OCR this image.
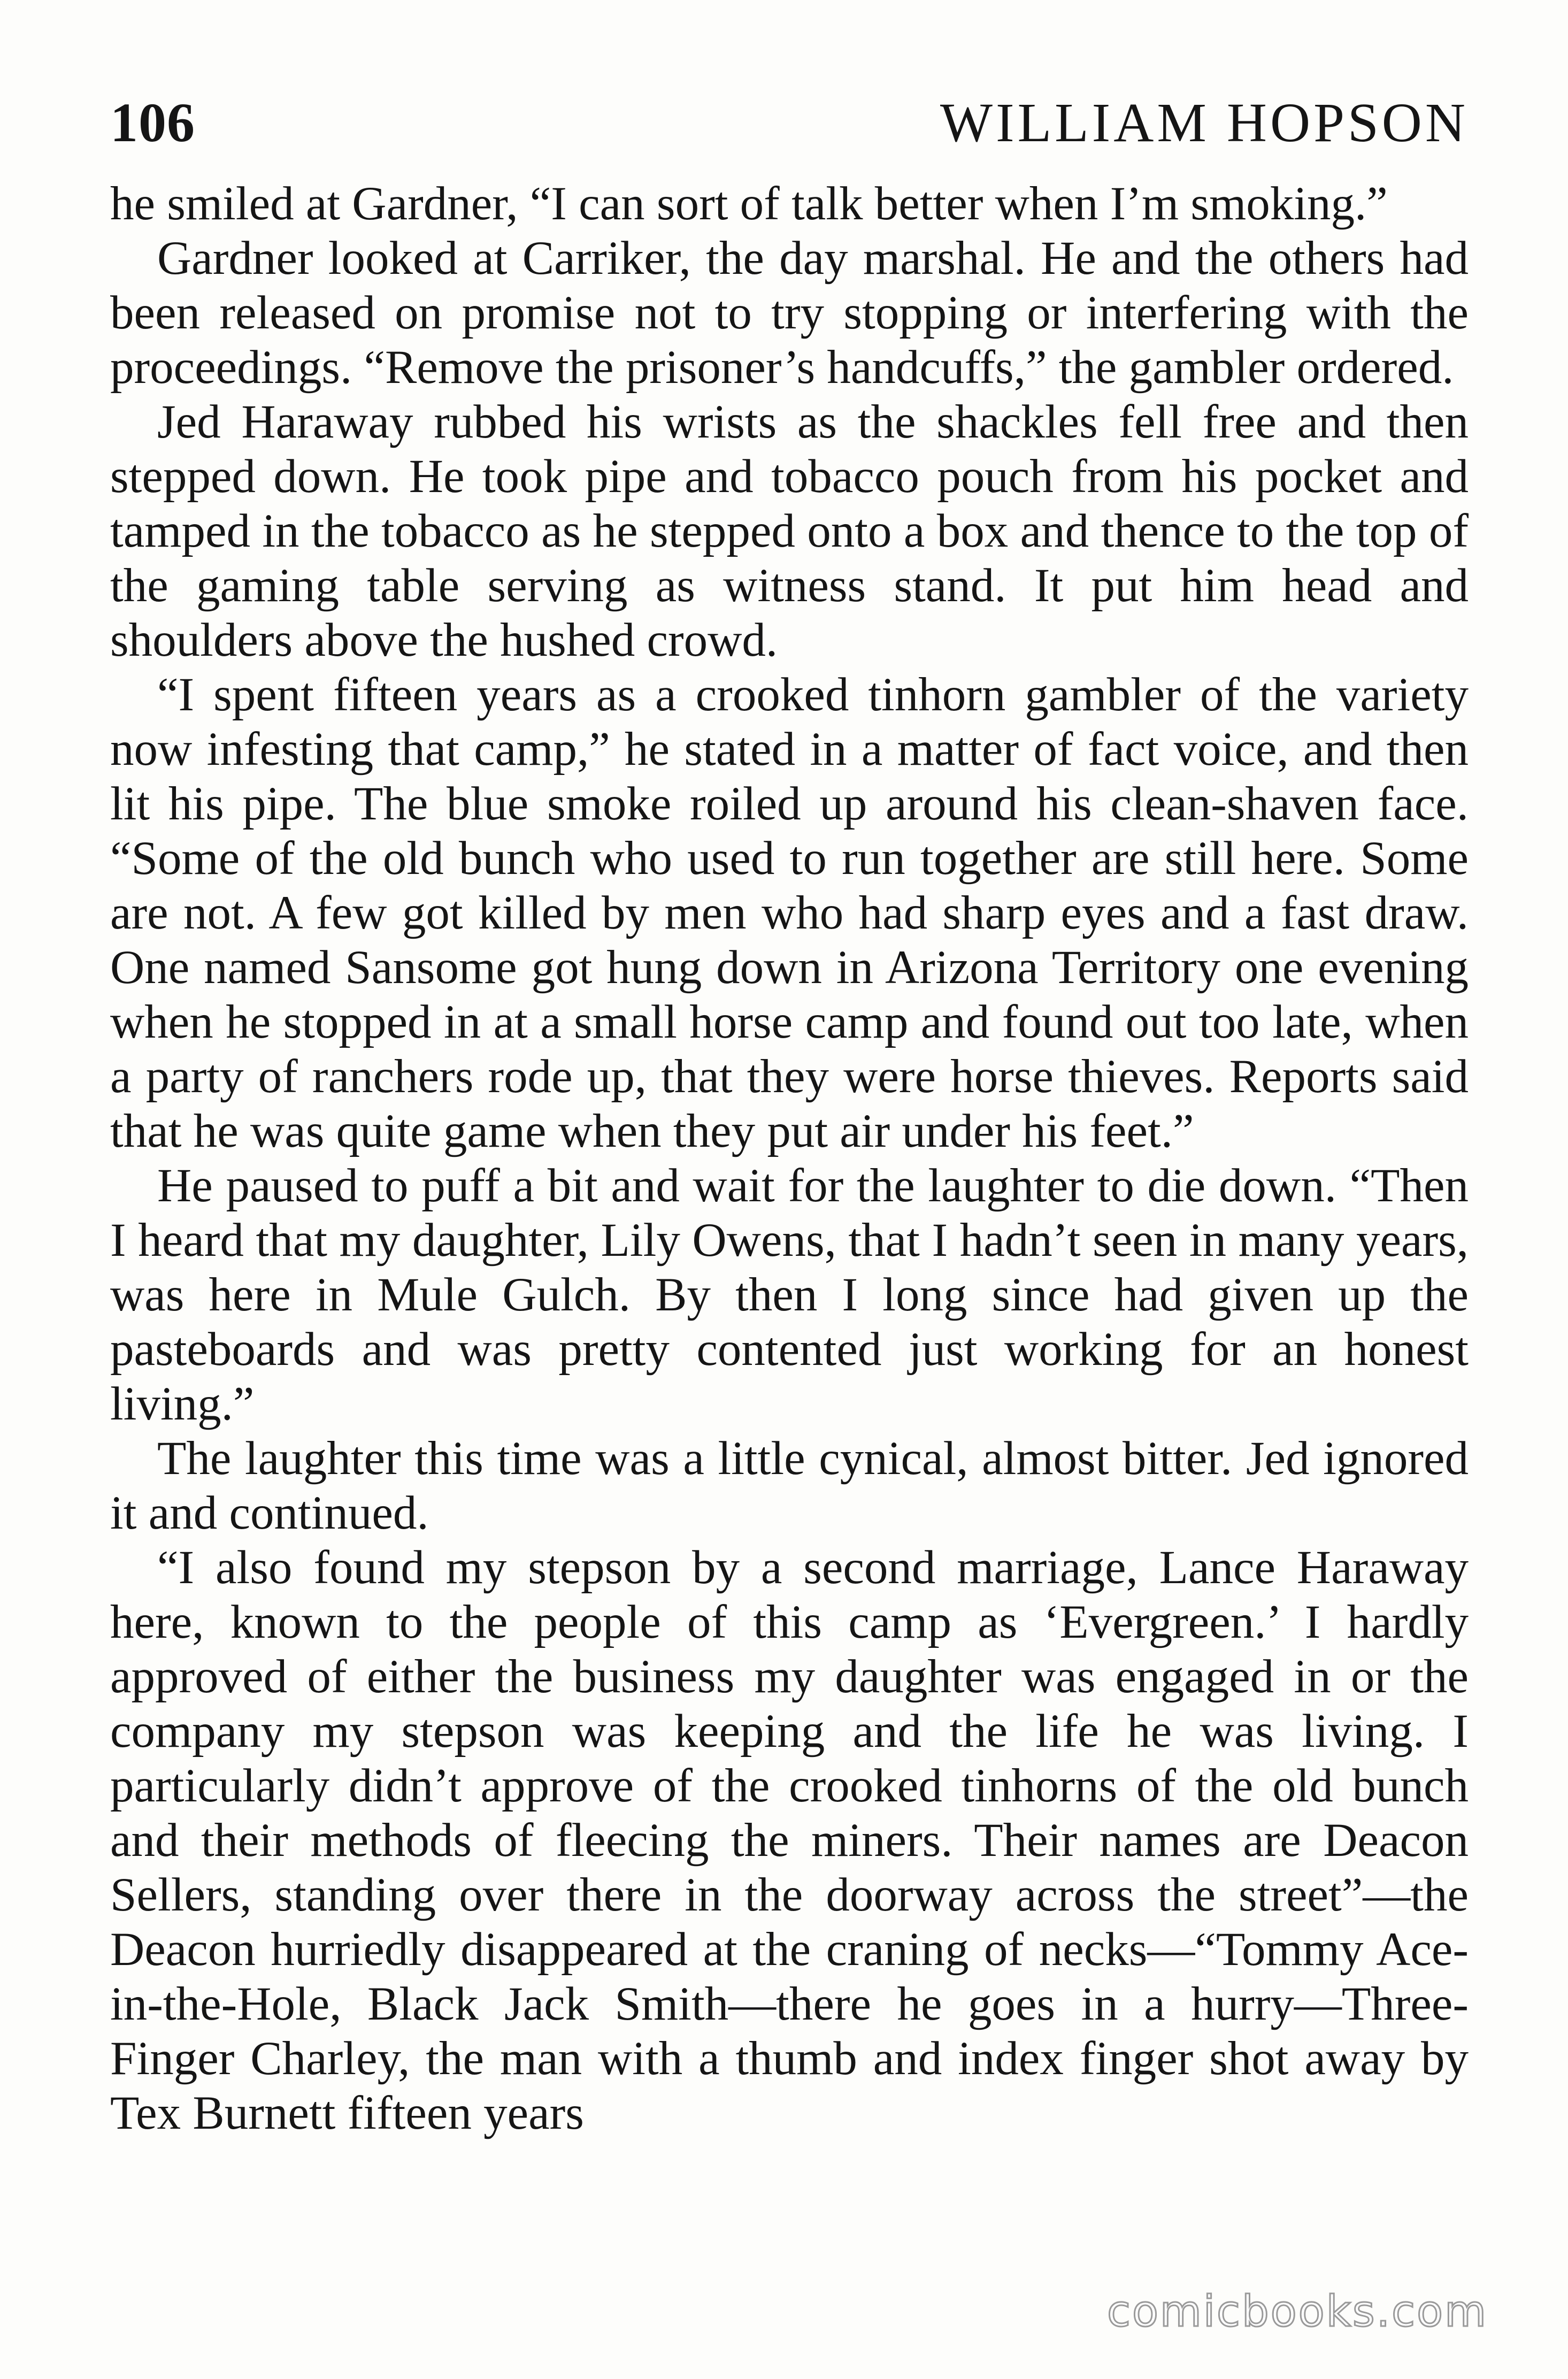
106	WILLIAM HOPSON

he smiled at Gardner, “I can sort of talk better when I’m smoking.”

Gardner looked at Carriker, the day marshal. He and the others had been released on promise not to try stopping or interfering with the proceedings. “Remove the prisoner’s handcuffs,” the gambler ordered.

Jed Haraway rubbed his wrists as the shackles fell free and then stepped down. He took pipe and tobacco pouch from his pocket and tamped in the tobacco as he stepped onto a box and thence to the top of the gaming table serving as witness stand. It put him head and shoulders above the hushed crowd.

“I spent fifteen years as a crooked tinhorn gambler of the variety now infesting that camp,” he stated in a matter of fact voice, and then lit his pipe. The blue smoke roiled up around his clean-shaven face. “Some of the old bunch who used to run together are still here. Some are not. A few got killed by men who had sharp eyes and a fast draw. One named Sansome got hung down in Arizona Territory one evening when he stopped in at a small horse camp and found out too late, when a party of ranchers rode up, that they were horse thieves. Reports said that he was quite game when they put air under his feet.”

He paused to puff a bit and wait for the laughter to die down. “Then I heard that my daughter, Lily Owens, that I hadn’t seen in many years, was here in Mule Gulch. By then I long since had given up the pasteboards and was pretty contented just working for an honest living.”

The laughter this time was a little cynical, almost bitter. Jed ignored it and continued.

“I also found my stepson by a second marriage, Lance Haraway here, known to the people of this camp as ‘Evergreen.’ I hardly approved of either the business my daughter was engaged in or the company my stepson was keeping and the life he was living. I particularly didn’t approve of the crooked tinhorns of the old bunch and their methods of fleecing the miners. Their names are Deacon Sellers, standing over there in the doorway across the street”—the Deacon hurriedly disappeared at the craning of necks—“Tommy Ace-in-the-Hole, Black Jack Smith—there he goes in a hurry—Three-Finger Charley, the man with a thumb and index finger shot away by Tex Burnett fifteen years

comicbooks.com
